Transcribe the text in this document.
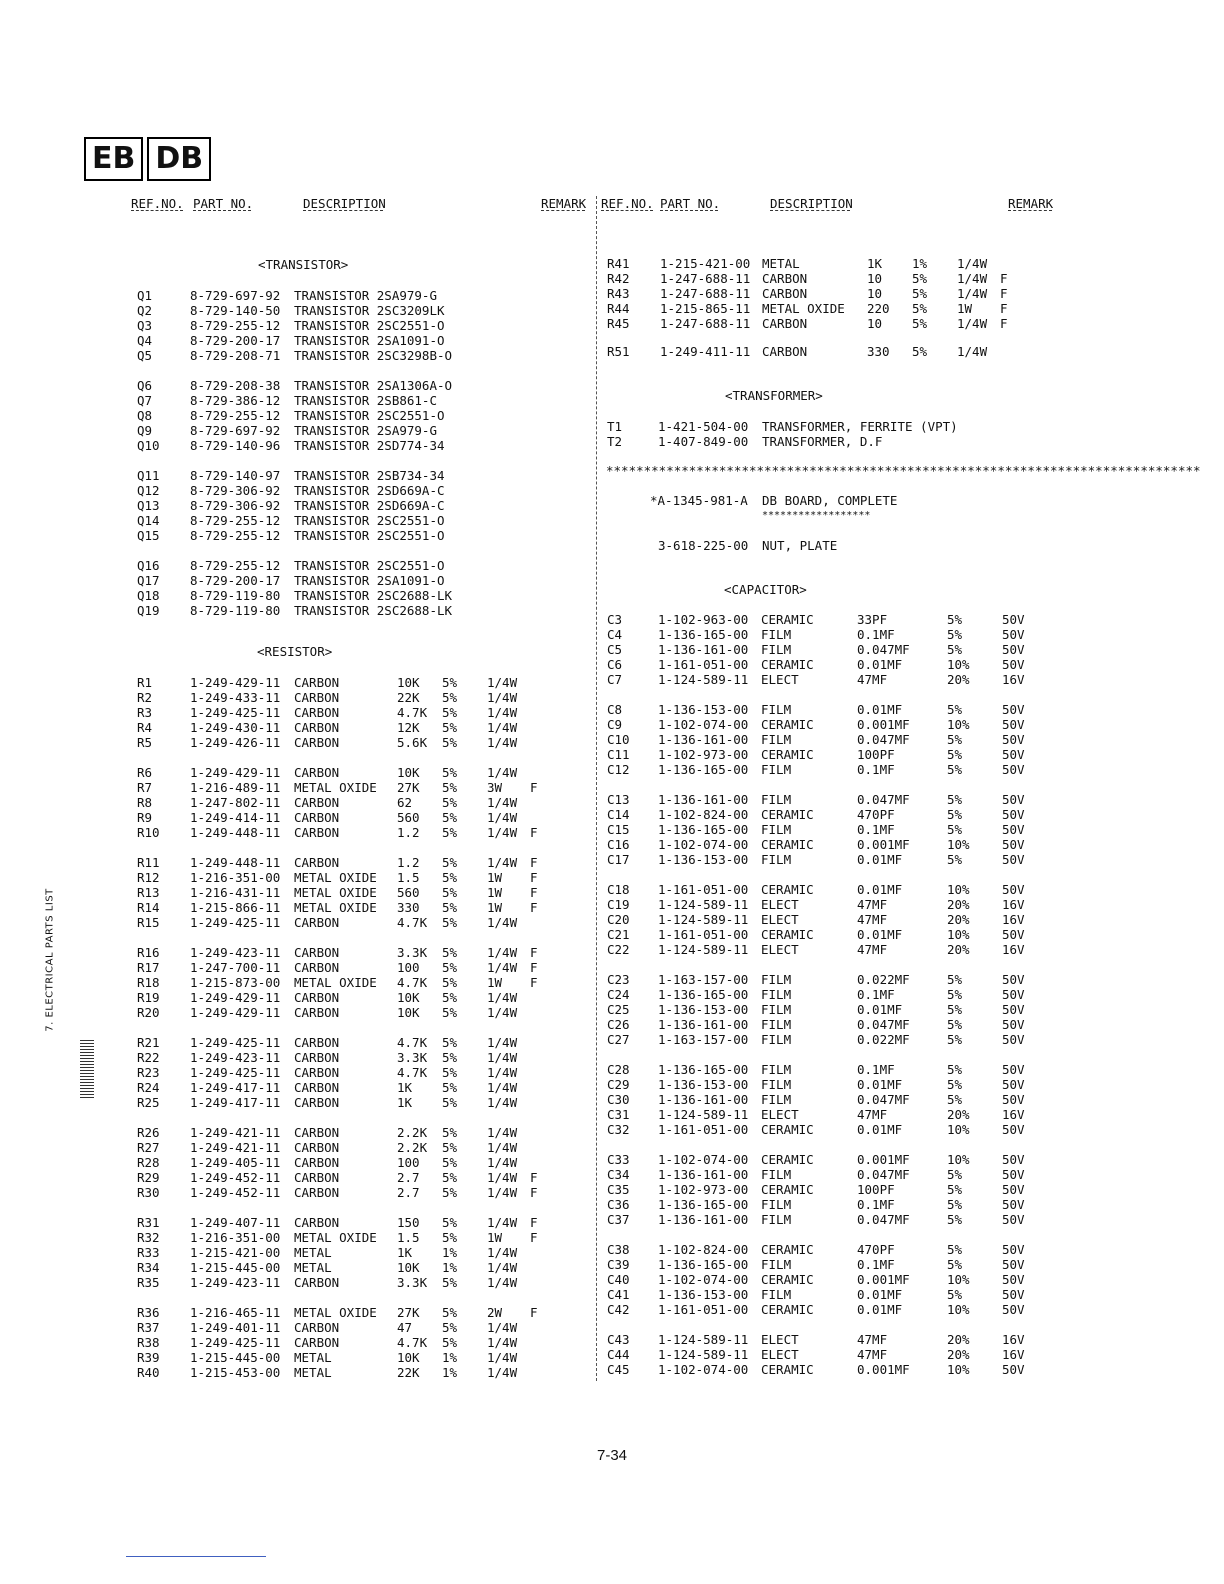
EB DB
REF.NO. PART NO.	DESCRIPTION	REMARK REF.NO. PART NO.	DESCRIPTION	REMARK
<TRANSISTOR>
Q1	8-729-697-92 TRANSISTOR 2SA979-G
Q2	8-729-140-50 TRANSISTOR 2SC3209LK
Q3	8-729-255-12 TRANSISTOR 2SC2551-O
Q4	8-729-200-17 TRANSISTOR 2SA1091-O
Q5	8-729-208-71 TRANSISTOR 2SC3298B-O
Q6	8-729-208-38 TRANSISTOR 2SA1306A-O
Q7	8-729-386-12 TRANSISTOR 2SB861-C
Q8	8-729-255-12 TRANSISTOR 2SC2551-O
Q9	8-729-697-92 TRANSISTOR 2SA979-G
Q10 8-729-140-96 TRANSISTOR 2SD774-34
Q11 8-729-140-97 TRANSISTOR 2SB734-34
Q12 8-729-306-92 TRANSISTOR 2SD669A-C
Q13 8-729-306-92 TRANSISTOR 2SD669A-C
Q14 8-729-255-12 TRANSISTOR 2SC2551-O
Q15 8-729-255-12 TRANSISTOR 2SC2551-O
Q16 8-729-255-12 TRANSISTOR 2SC2551-O
Q17 8-729-200-17 TRANSISTOR 2SA1091-O
Q18 8-729-119-80 TRANSISTOR 2SC2688-LK
Q19 8-729-119-80 TRANSISTOR 2SC2688-LK
<RESISTOR>
R1	1-249-429-11 CARBON	10K 5% 1/4W
R2	1-249-433-11 CARBON	22K 5% 1/4W
R3	1-249-425-11 CARBON	4.7K 5% 1/4W
R4	1-249-430-11 CARBON	12K 5% 1/4W
R5	1-249-426-11 CARBON	5.6K 5% 1/4W
R6	1-249-429-11 CARBON	10K 5% 1/4W
R7	1-216-489-11 METAL OXIDE 27K 5% 3W F
R8	1-247-802-11 CARBON	62 5% 1/4W
R9	1-249-414-11 CARBON	560 5% 1/4W
R10 1-249-448-11 CARBON	1.2 5% 1/4W F
R11 1-249-448-11 CARBON	1.2 5% 1/4W F
R12 1-216-351-00 METAL OXIDE 1.5 5% 1W F
R13 1-216-431-11 METAL OXIDE 560 5% 1W F
R14 1-215-866-11 METAL OXIDE 330 5% 1W F
R15 1-249-425-11 CARBON	4.7K 5% 1/4W
R16 1-249-423-11 CARBON	3.3K 5% 1/4W F
R17 1-247-700-11 CARBON	100 5% 1/4W F
R18 1-215-873-00 METAL OXIDE 4.7K 5% 1W F
R19 1-249-429-11 CARBON	10K 5% 1/4W
R20 1-249-429-11 CARBON	10K 5% 1/4W
R21 1-249-425-11 CARBON	4.7K 5% 1/4W
R22 1-249-423-11 CARBON	3.3K 5% 1/4W
R23 1-249-425-11 CARBON	4.7K 5% 1/4W
R24 1-249-417-11 CARBON	1K 5% 1/4W
R25 1-249-417-11 CARBON	1K 5% 1/4W
R26 1-249-421-11 CARBON	2.2K 5% 1/4W
R27 1-249-421-11 CARBON	2.2K 5% 1/4W
R28 1-249-405-11 CARBON	100 5% 1/4W
R29 1-249-452-11 CARBON	2.7 5% 1/4W F
R30 1-249-452-11 CARBON	2.7 5% 1/4W F
R31 1-249-407-11 CARBON	150 5% 1/4W F
R32 1-216-351-00 METAL OXIDE 1.5 5% 1W F
R33 1-215-421-00 METAL	1K 1% 1/4W
R34 1-215-445-00 METAL	10K 1% 1/4W
R35 1-249-423-11 CARBON	3.3K 5% 1/4W
R36 1-216-465-11 METAL OXIDE 27K 5% 2W F
R37 1-249-401-11 CARBON	47 5% 1/4W
R38 1-249-425-11 CARBON	4.7K 5% 1/4W
R39 1-215-445-00 METAL	10K 1% 1/4W
R40 1-215-453-00 METAL	22K 1% 1/4W
R41 1-215-421-00 METAL	1K 1% 1/4W
R42 1-247-688-11 CARBON	10 5% 1/4W F
R43 1-247-688-11 CARBON	10 5% 1/4W F
R44 1-215-865-11 METAL OXIDE 220 5% 1W F
R45 1-247-688-11 CARBON	10 5% 1/4W F
R51 1-249-411-11 CARBON	330 5% 1/4W
<TRANSFORMER>
T1	1-421-504-00 TRANSFORMER, FERRITE (VPT)
T2	1-407-849-00 TRANSFORMER, D.F
*******************************************************************************
*A-1345-981-A DB BOARD, COMPLETE
******************
3-618-225-00 NUT, PLATE
<CAPACITOR>
C3	1-102-963-00 CERAMIC	33PF	5%	50V
C4	1-136-165-00 FILM	0.1MF	5%	50V
C5	1-136-161-00 FILM	0.047MF	5%	50V
C6	1-161-051-00 CERAMIC	0.01MF	10%	50V
C7	1-124-589-11 ELECT	47MF	20%	16V
C8	1-136-153-00 FILM	0.01MF	5%	50V
C9	1-102-074-00 CERAMIC	0.001MF	10%	50V
C10 1-136-161-00 FILM	0.047MF	5%	50V
C11 1-102-973-00 CERAMIC	100PF	5%	50V
C12 1-136-165-00 FILM	0.1MF	5%	50V
C13 1-136-161-00 FILM	0.047MF	5%	50V
C14 1-102-824-00 CERAMIC	470PF	5%	50V
C15 1-136-165-00 FILM	0.1MF	5%	50V
C16 1-102-074-00 CERAMIC	0.001MF	10%	50V
C17 1-136-153-00 FILM	0.01MF	5%	50V
C18 1-161-051-00 CERAMIC	0.01MF	10%	50V
C19 1-124-589-11 ELECT	47MF	20%	16V
C20 1-124-589-11 ELECT	47MF	20%	16V
C21 1-161-051-00 CERAMIC	0.01MF	10%	50V
C22 1-124-589-11 ELECT	47MF	20%	16V
C23 1-163-157-00 FILM	0.022MF	5%	50V
C24 1-136-165-00 FILM	0.1MF	5%	50V
C25 1-136-153-00 FILM	0.01MF	5%	50V
C26 1-136-161-00 FILM	0.047MF	5%	50V
C27 1-163-157-00 FILM	0.022MF	5%	50V
C28 1-136-165-00 FILM	0.1MF	5%	50V
C29 1-136-153-00 FILM	0.01MF	5%	50V
C30 1-136-161-00 FILM	0.047MF	5%	50V
C31 1-124-589-11 ELECT	47MF	20%	16V
C32 1-161-051-00 CERAMIC	0.01MF	10%	50V
C33 1-102-074-00 CERAMIC	0.001MF	10%	50V
C34 1-136-161-00 FILM	0.047MF	5%	50V
C35 1-102-973-00 CERAMIC	100PF	5%	50V
C36 1-136-165-00 FILM	0.1MF	5%	50V
C37 1-136-161-00 FILM	0.047MF	5%	50V
C38 1-102-824-00 CERAMIC	470PF	5%	50V
C39 1-136-165-00 FILM	0.1MF	5%	50V
C40 1-102-074-00 CERAMIC	0.001MF	10%	50V
C41 1-136-153-00 FILM	0.01MF	5%	50V
C42 1-161-051-00 CERAMIC	0.01MF	10%	50V
C43 1-124-589-11 ELECT	47MF	20%	16V
C44 1-124-589-11 ELECT	47MF	20%	16V
C45 1-102-074-00 CERAMIC	0.001MF	10%	50V
7. ELECTRICAL PARTS LIST
7-34
